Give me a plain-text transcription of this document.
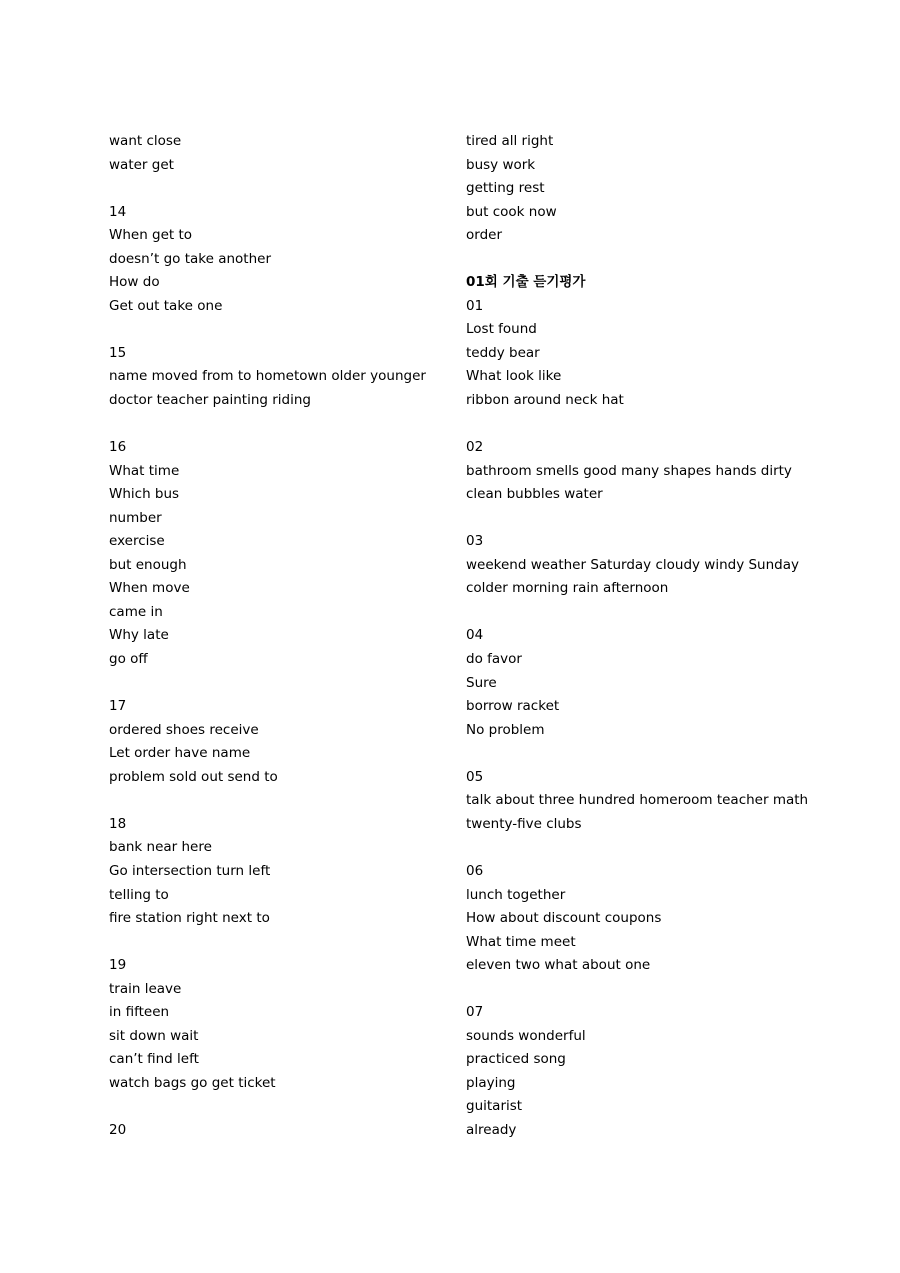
want close
water get
14
When get to
doesn’t go take another
How do
Get out take one
15
name moved from to hometown older younger
doctor teacher painting riding
16
What time
Which bus
number
exercise
but enough
When move
came in
Why late
go off
17
ordered shoes receive
Let order have name
problem sold out send to
18
bank near here
Go intersection turn left
telling to
fire station right next to
19
train leave
in fifteen
sit down wait
can’t find left
watch bags go get ticket
20
tired all right
busy work
getting rest
but cook now
order
01회 기출 듣기평가
01
Lost found
teddy bear
What look like
ribbon around neck hat
02
bathroom smells good many shapes hands dirty
clean bubbles water
03
weekend weather Saturday cloudy windy Sunday
colder morning rain afternoon
04
do favor
Sure
borrow racket
No problem
05
talk about three hundred homeroom teacher math
twenty-five clubs
06
lunch together
How about discount coupons
What time meet
eleven two what about one
07
sounds wonderful
practiced song
playing
guitarist
already
